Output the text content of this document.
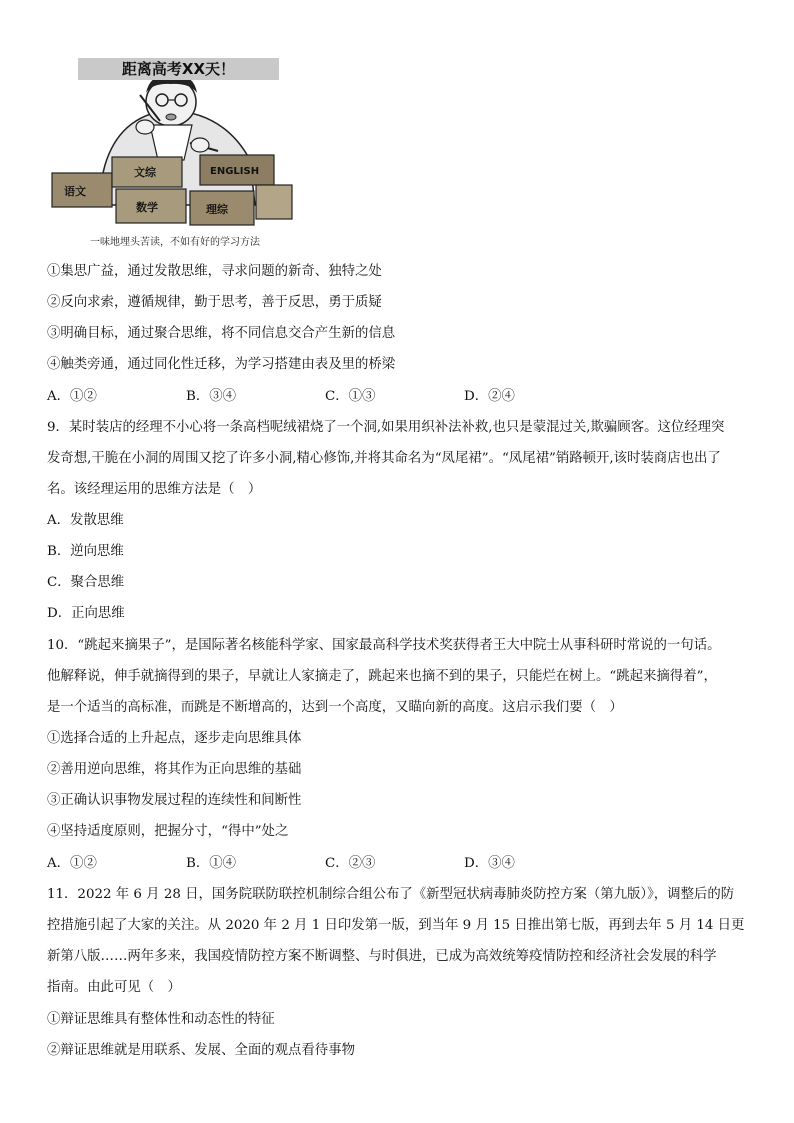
语文
文综	ENGLISH
数学	理综
距离高考XX天！
一味地埋头苦读，不如有好的学习方法
①集思广益，通过发散思维，寻求问题的新奇、独特之处
②反向求索，遵循规律，勤于思考，善于反思，勇于质疑
③明确目标，通过聚合思维，将不同信息交合产生新的信息
④触类旁通，通过同化性迁移，为学习搭建由表及里的桥梁
A．①②	B．③④	C．①③	D．②④
9．某时装店的经理不小心将一条高档呢绒裙烧了一个洞,如果用织补法补救,也只是蒙混过关,欺骗顾客。这位经理突
发奇想,干脆在小洞的周围又挖了许多小洞,精心修饰,并将其命名为“凤尾裙”。“凤尾裙”销路顿开,该时装商店也出了
名。该经理运用的思维方法是（　）
A．发散思维
B．逆向思维
C．聚合思维
D．正向思维
10．“跳起来摘果子”，是国际著名核能科学家、国家最高科学技术奖获得者王大中院士从事科研时常说的一句话。
他解释说，伸手就摘得到的果子，早就让人家摘走了，跳起来也摘不到的果子，只能烂在树上。“跳起来摘得着”，
是一个适当的高标准，而跳是不断增高的，达到一个高度，又瞄向新的高度。这启示我们要（　）
①选择合适的上升起点，逐步走向思维具体
②善用逆向思维，将其作为正向思维的基础
③正确认识事物发展过程的连续性和间断性
④坚持适度原则，把握分寸，“得中”处之
A．①②	B．①④	C．②③	D．③④
11．2022 年 6 月 28 日，国务院联防联控机制综合组公布了《新型冠状病毒肺炎防控方案（第九版）》，调整后的防
控措施引起了大家的关注。从 2020 年 2 月 1 日印发第一版，到当年 9 月 15 日推出第七版，再到去年 5 月 14 日更
新第八版……两年多来，我国疫情防控方案不断调整、与时俱进，已成为高效统筹疫情防控和经济社会发展的科学
指南。由此可见（　）
①辩证思维具有整体性和动态性的特征
②辩证思维就是用联系、发展、全面的观点看待事物
